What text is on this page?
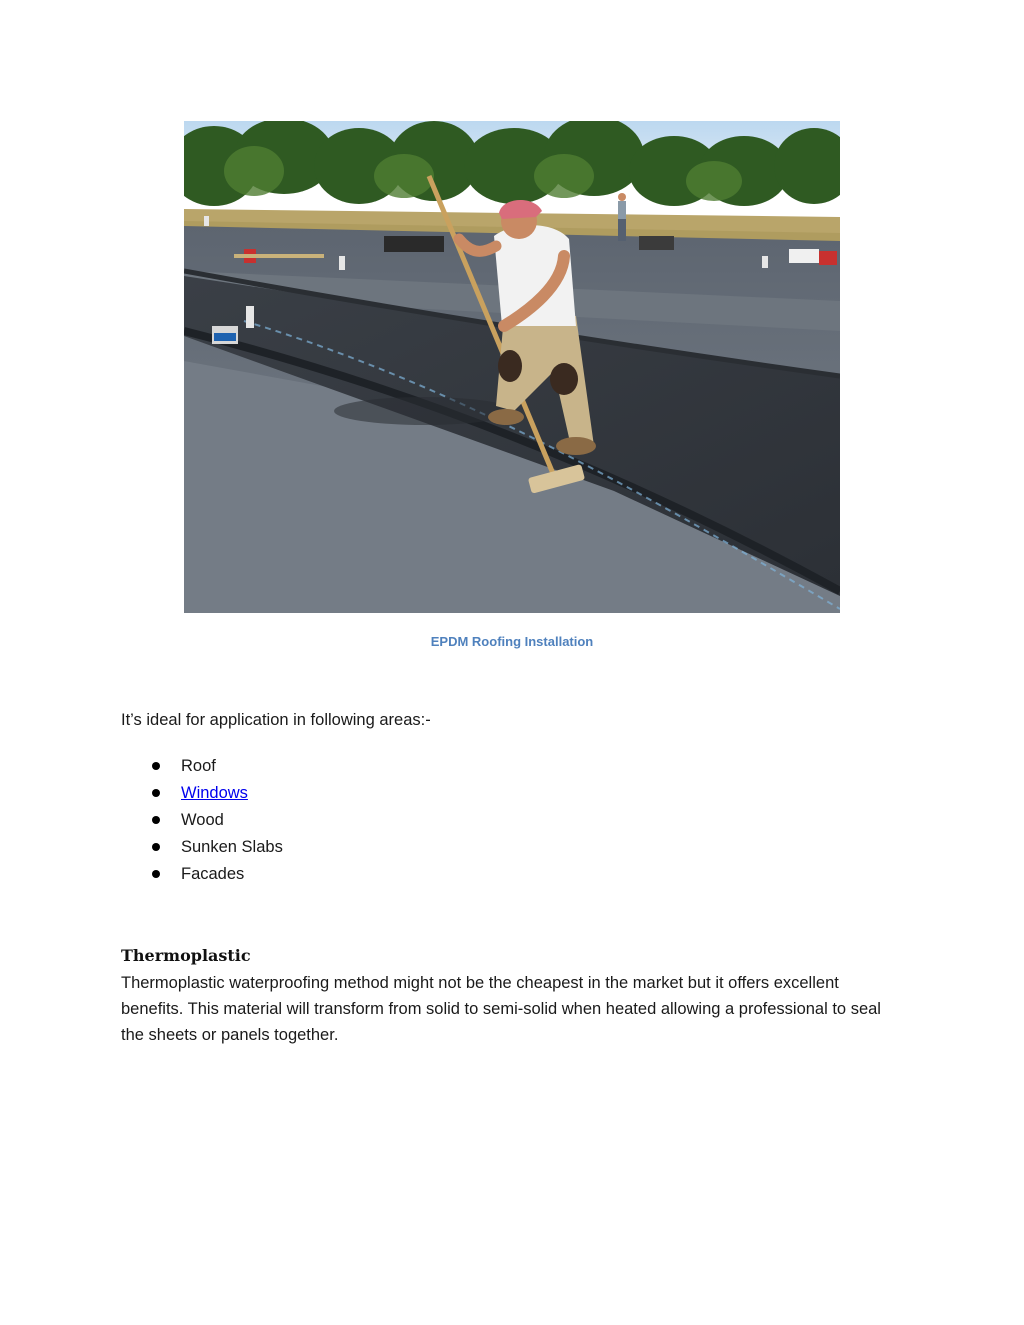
EPDM Roofing Installation
It’s ideal for application in following areas:-
Roof
Windows
Wood
Sunken Slabs
Facades
Thermoplastic

Thermoplastic waterproofing method might not be the cheapest in the market but it offers excellent benefits. This material will transform from solid to semi-solid when heated allowing a professional to seal the sheets or panels together.
